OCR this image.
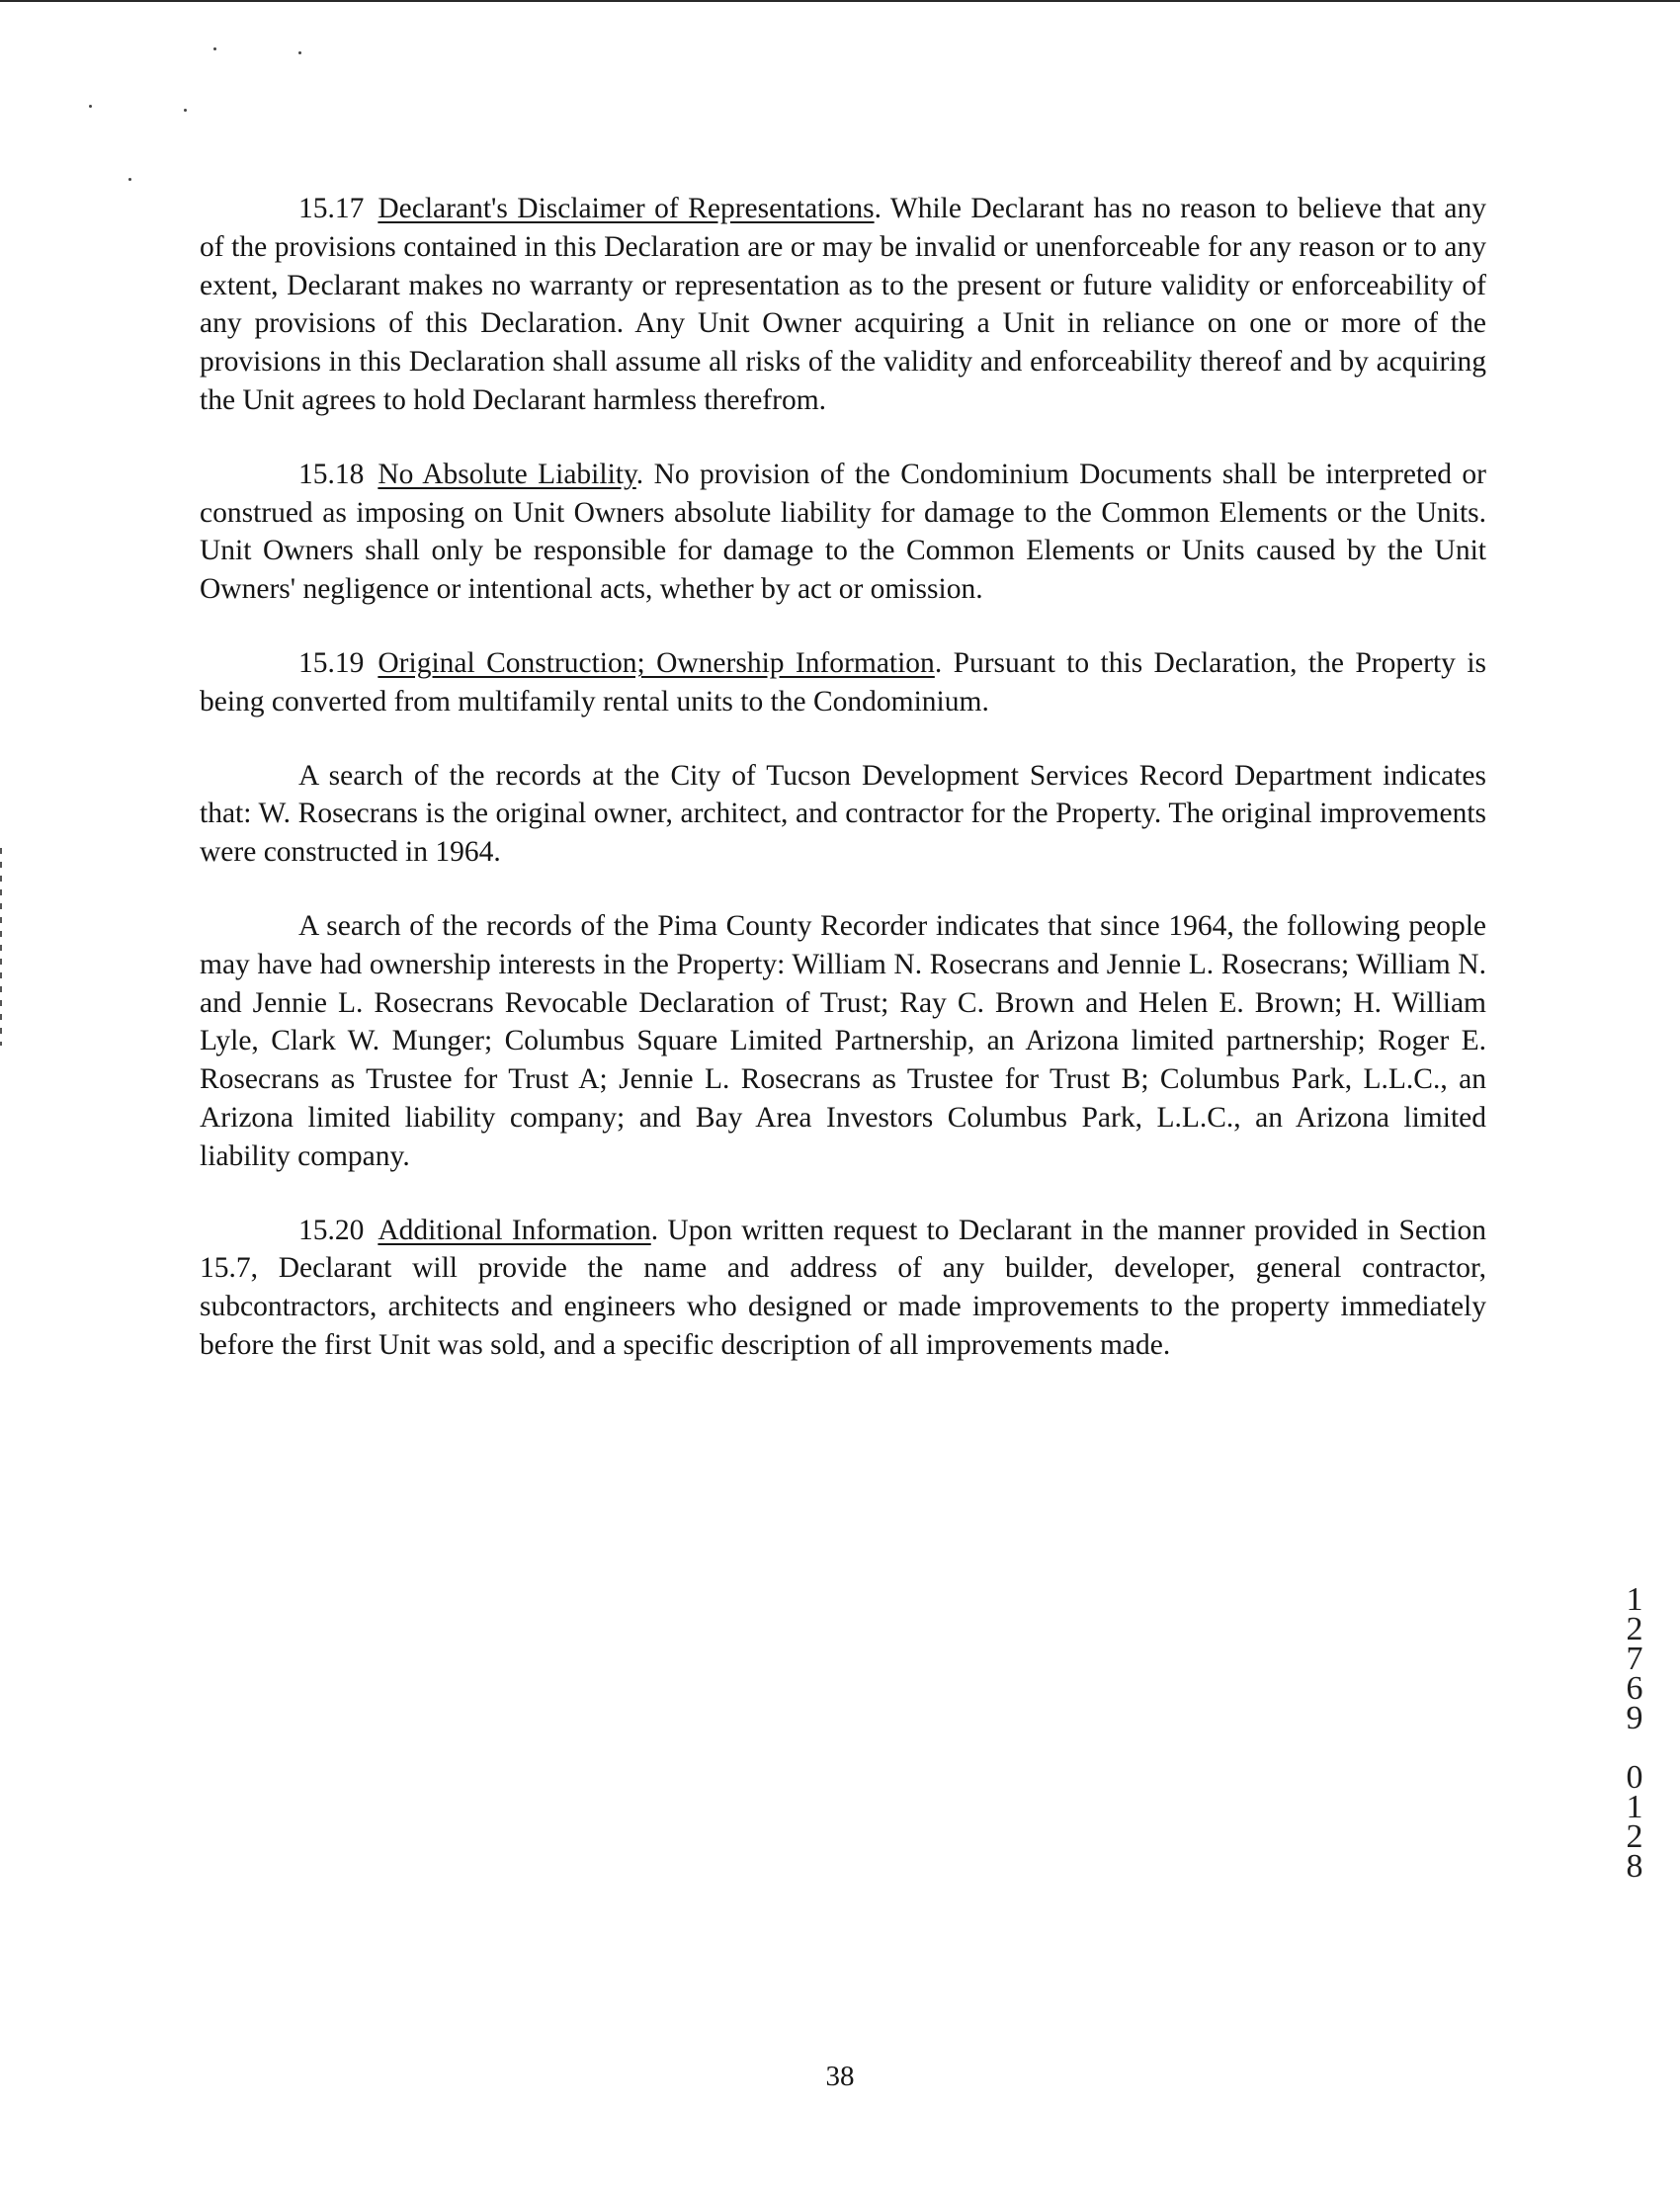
15.17 Declarant's Disclaimer of Representations. While Declarant has no reason to believe that any of the provisions contained in this Declaration are or may be invalid or unenforceable for any reason or to any extent, Declarant makes no warranty or representation as to the present or future validity or enforceability of any provisions of this Declaration. Any Unit Owner acquiring a Unit in reliance on one or more of the provisions in this Declaration shall assume all risks of the validity and enforceability thereof and by acquiring the Unit agrees to hold Declarant harmless therefrom.

15.18 No Absolute Liability. No provision of the Condominium Documents shall be interpreted or construed as imposing on Unit Owners absolute liability for damage to the Common Elements or the Units. Unit Owners shall only be responsible for damage to the Common Elements or Units caused by the Unit Owners' negligence or intentional acts, whether by act or omission.

15.19 Original Construction; Ownership Information. Pursuant to this Declaration, the Property is being converted from multifamily rental units to the Condominium.

A search of the records at the City of Tucson Development Services Record Department indicates that: W. Rosecrans is the original owner, architect, and contractor for the Property. The original improvements were constructed in 1964.

A search of the records of the Pima County Recorder indicates that since 1964, the following people may have had ownership interests in the Property: William N. Rosecrans and Jennie L. Rosecrans; William N. and Jennie L. Rosecrans Revocable Declaration of Trust; Ray C. Brown and Helen E. Brown; H. William Lyle, Clark W. Munger; Columbus Square Limited Partnership, an Arizona limited partnership; Roger E. Rosecrans as Trustee for Trust A; Jennie L. Rosecrans as Trustee for Trust B; Columbus Park, L.L.C., an Arizona limited liability company; and Bay Area Investors Columbus Park, L.L.C., an Arizona limited liability company.

15.20 Additional Information. Upon written request to Declarant in the manner provided in Section 15.7, Declarant will provide the name and address of any builder, developer, general contractor, subcontractors, architects and engineers who designed or made improvements to the property immediately before the first Unit was sold, and a specific description of all improvements made.

1
2
7
6
9
0
1
2
8
38
